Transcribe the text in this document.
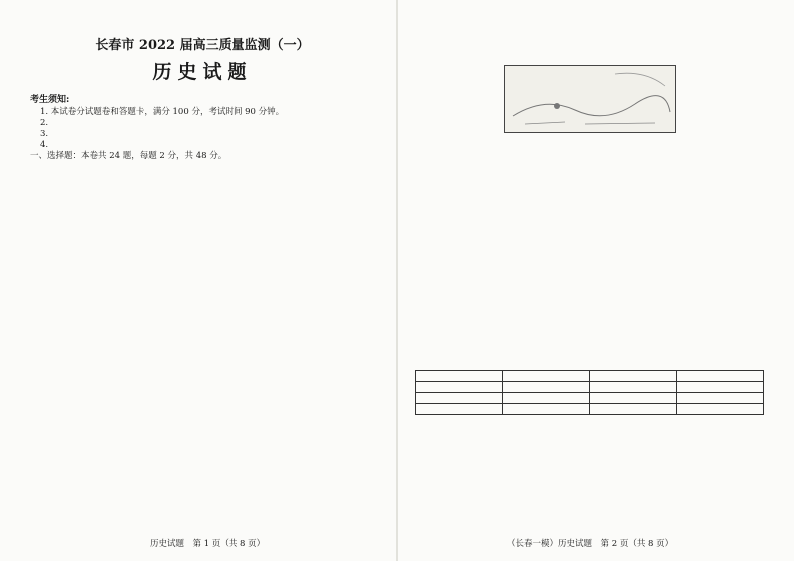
长春市 2022 届高三质量监测（一）
历史试题
考生须知:
1. 本试卷分试题卷和答题卡，满分 100 分，考试时间 90 分钟。
2.
3.
4.
一、选择题：本卷共 24 题，每题 2 分，共 48 分。
历史试题　第 1 页（共 8 页）

				（长春一模）历史试题　第 2 页（共 8 页）
